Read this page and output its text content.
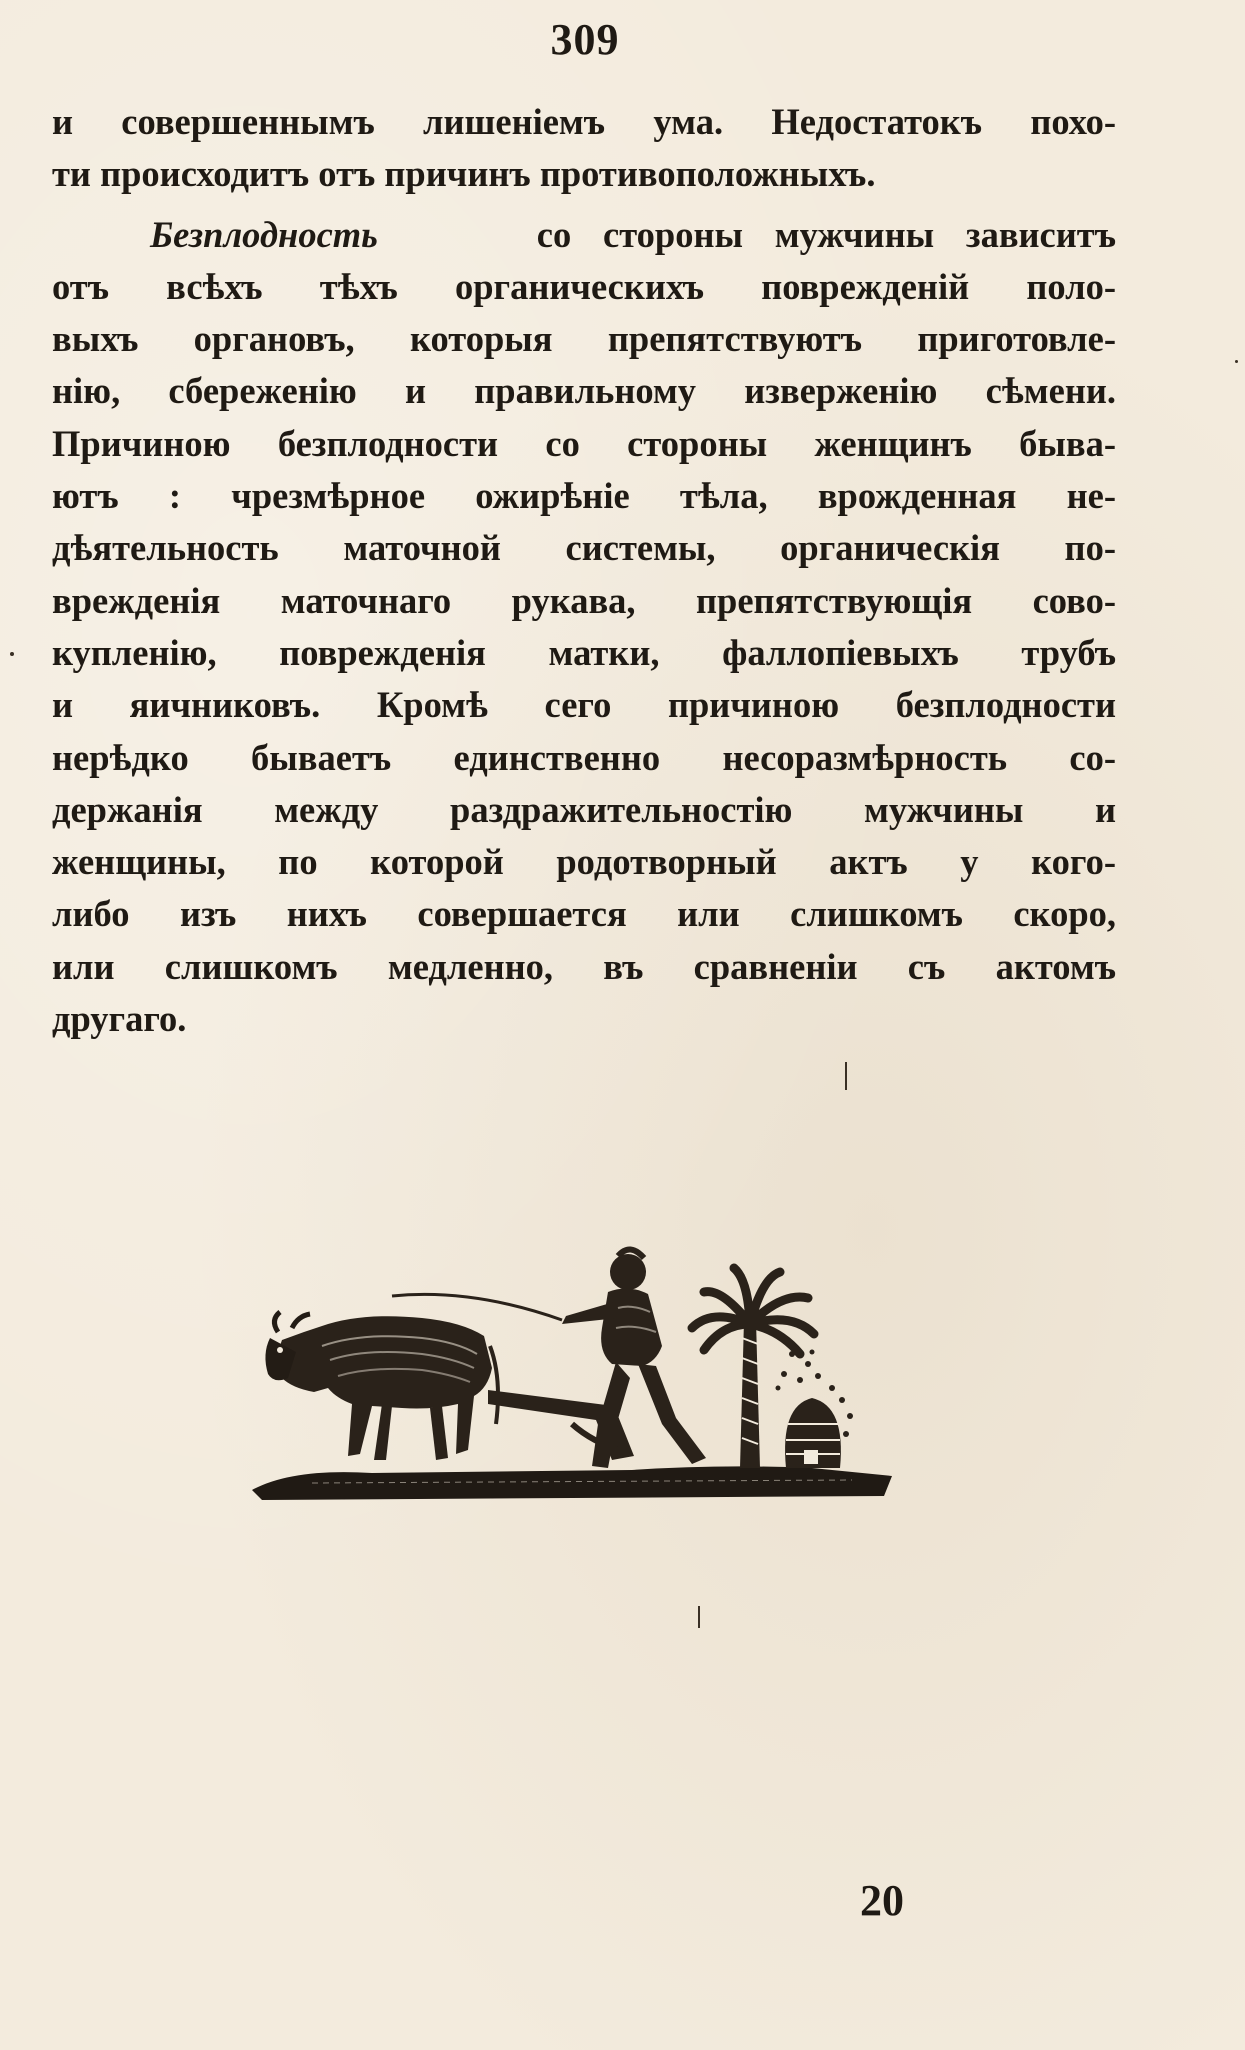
309
и совершеннымъ лишеніемъ ума. Недостатокъ похо-
ти происходитъ отъ причинъ противоположныхъ.
Безплодность	со стороны мужчины зависитъ
отъ всѣхъ тѣхъ органическихъ поврежденій поло-
выхъ органовъ, которыя препятствуютъ приготовле-
нію, сбереженію и правильному изверженію сѣмени.
Причиною безплодности со стороны женщинъ бывa-
ютъ : чрезмѣрное ожирѣніе тѣла, врожденная не-
дѣятельность маточной системы, органическія по-
врежденія маточнаго рукава, препятствующія сово-
купленію, поврежденія матки, фаллопіевыхъ трубъ
и яичниковъ. Кромѣ сего причиною безплодности
нерѣдко бываетъ единственно несоразмѣрность со-
держанія между раздражительностію мужчины и
женщины, по которой родотворный актъ у кого-
либо изъ нихъ совершается или слишкомъ скоро,
или слишкомъ медленно, въ сравненіи съ актомъ
другаго.
20
